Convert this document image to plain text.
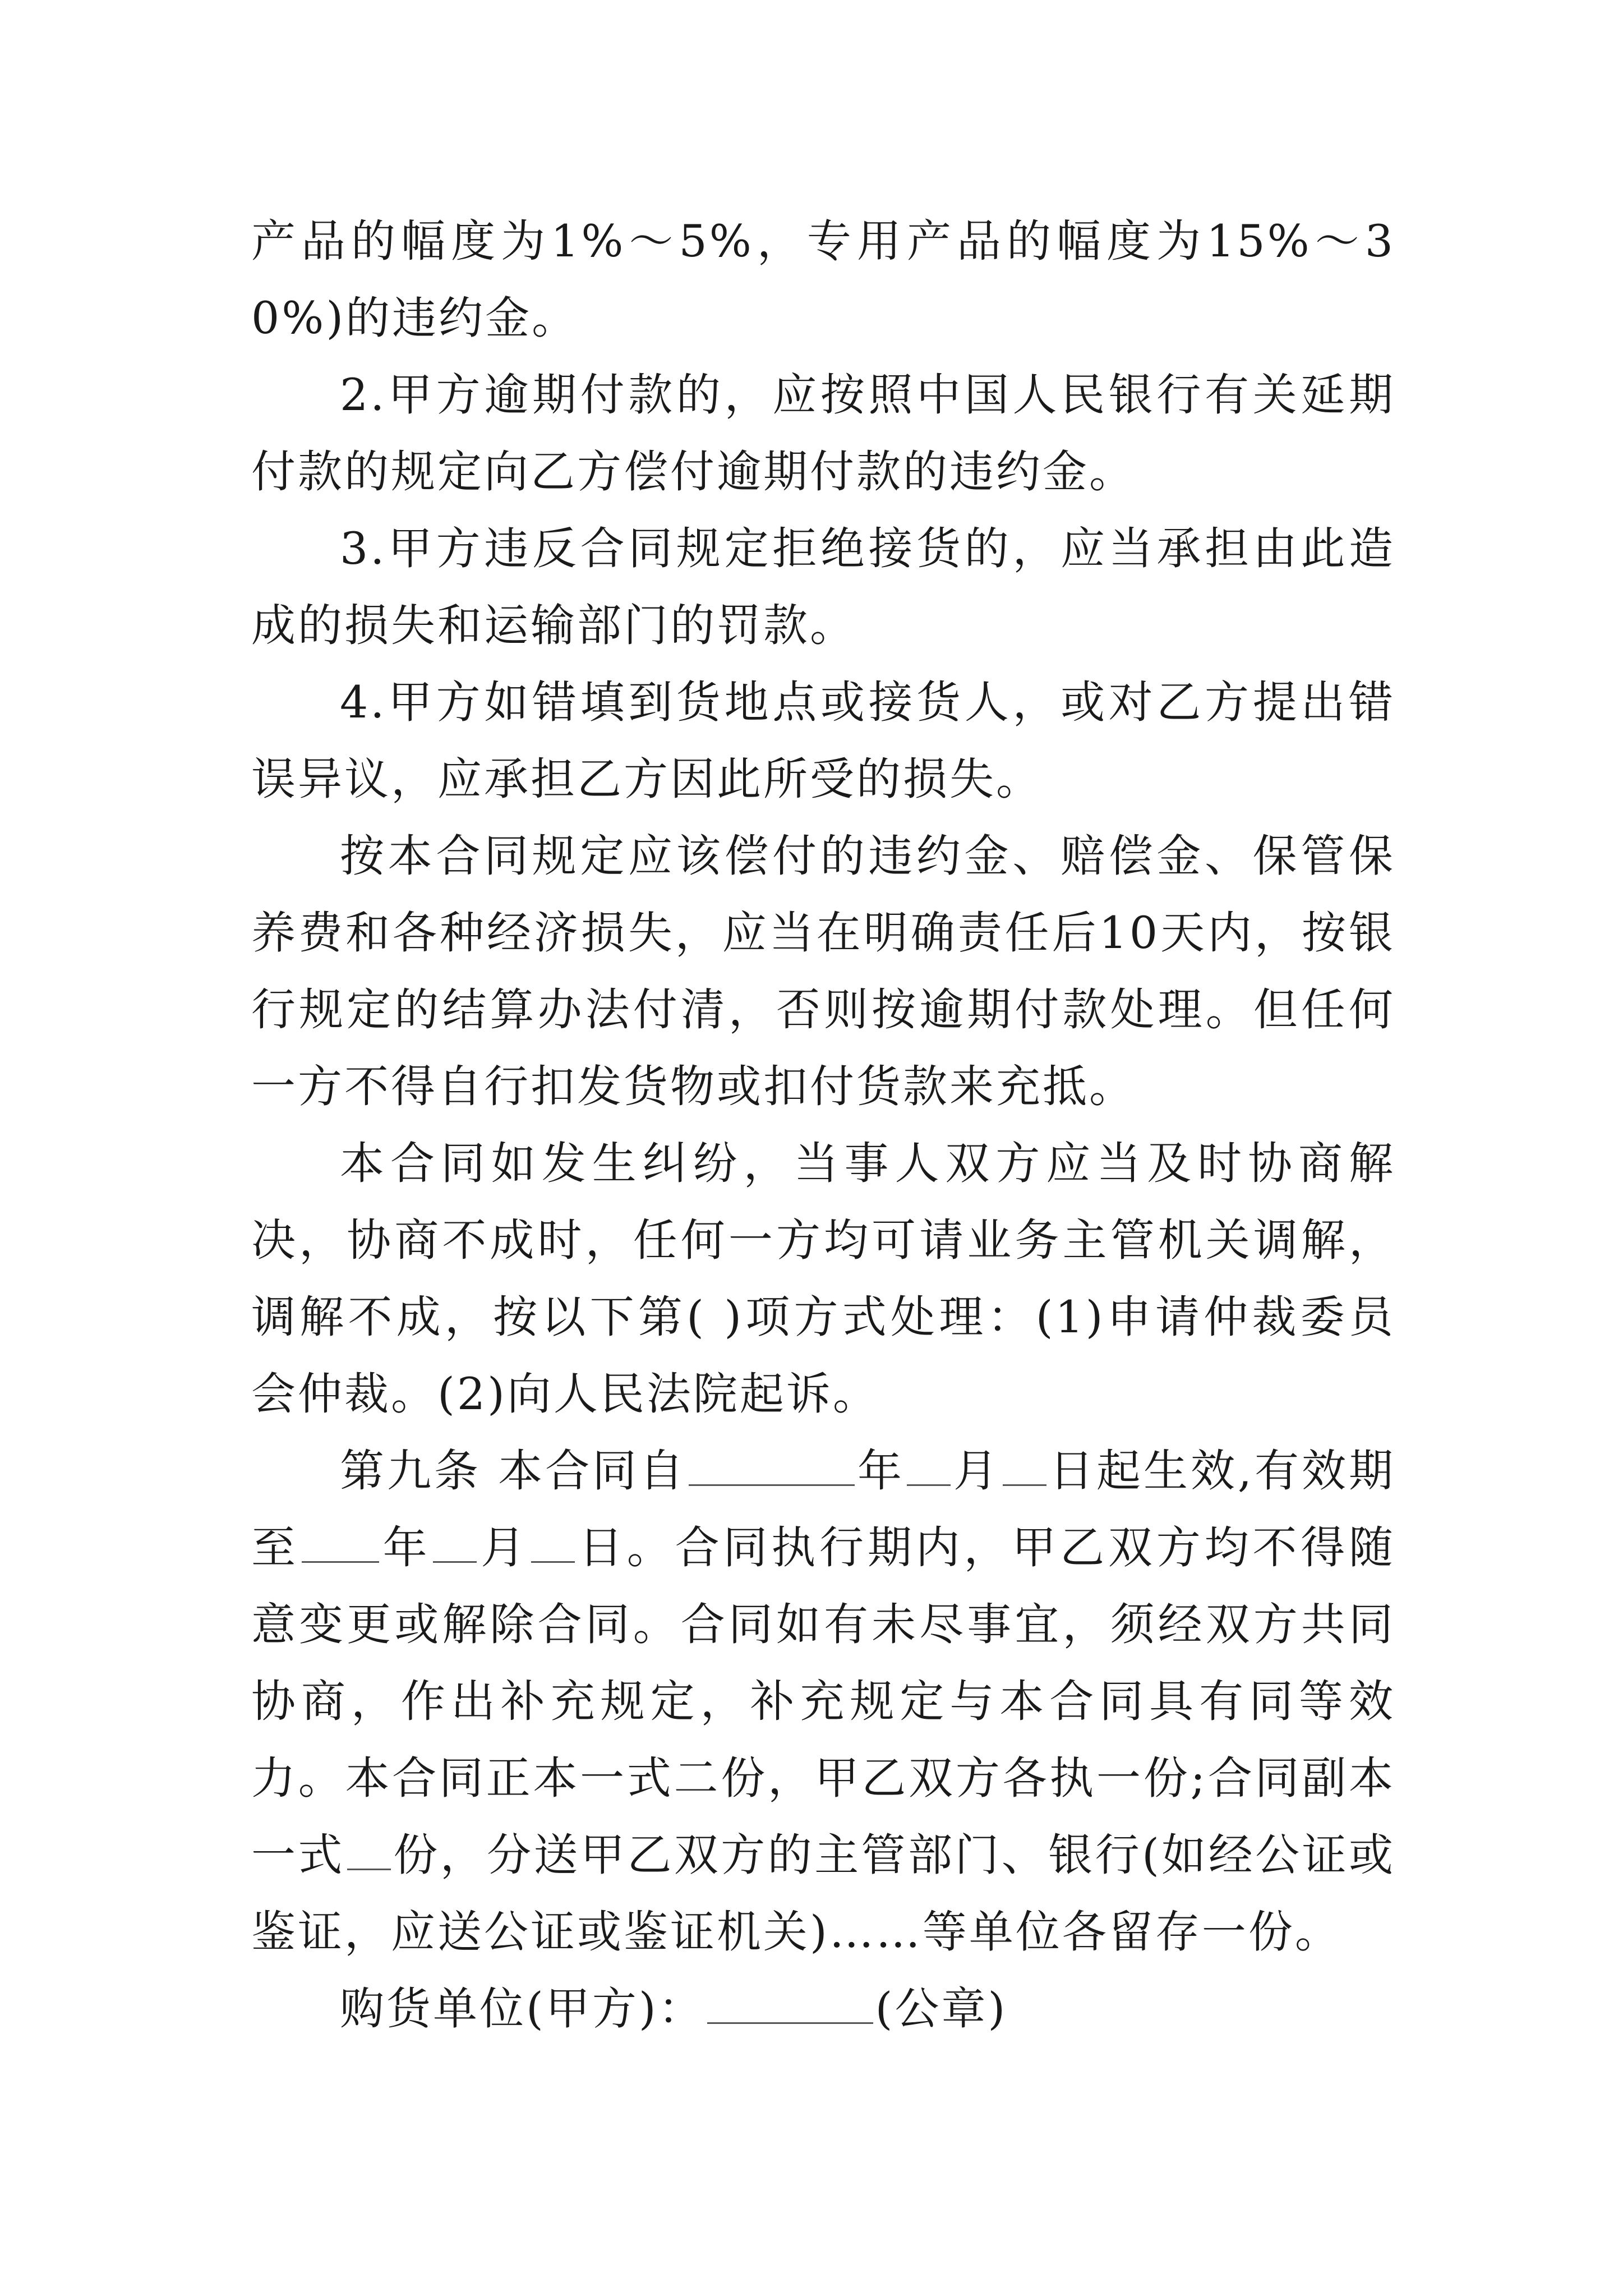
产品的幅度为1%～5%，专用产品的幅度为15%～30%)的违约金。

2.甲方逾期付款的，应按照中国人民银行有关延期付款的规定向乙方偿付逾期付款的违约金。

3.甲方违反合同规定拒绝接货的，应当承担由此造成的损失和运输部门的罚款。

4.甲方如错填到货地点或接货人，或对乙方提出错误异议，应承担乙方因此所受的损失。

按本合同规定应该偿付的违约金、赔偿金、保管保养费和各种经济损失，应当在明确责任后10天内，按银行规定的结算办法付清，否则按逾期付款处理。但任何一方不得自行扣发货物或扣付货款来充抵。

本合同如发生纠纷，当事人双方应当及时协商解决，协商不成时，任何一方均可请业务主管机关调解，调解不成，按以下第( )项方式处理：(1)申请仲裁委员会仲裁。(2)向人民法院起诉。

第九条 本合同自	年 月 日起生效,有效期至 年 月 日。合同执行期内，甲乙双方均不得随意变更或解除合同。合同如有未尽事宜，须经双方共同协商，作出补充规定，补充规定与本合同具有同等效力。本合同正本一式二份，甲乙双方各执一份;合同副本一式 份，分送甲乙双方的主管部门、银行(如经公证或鉴证，应送公证或鉴证机关)……等单位各留存一份。

购货单位(甲方)：	(公章)
